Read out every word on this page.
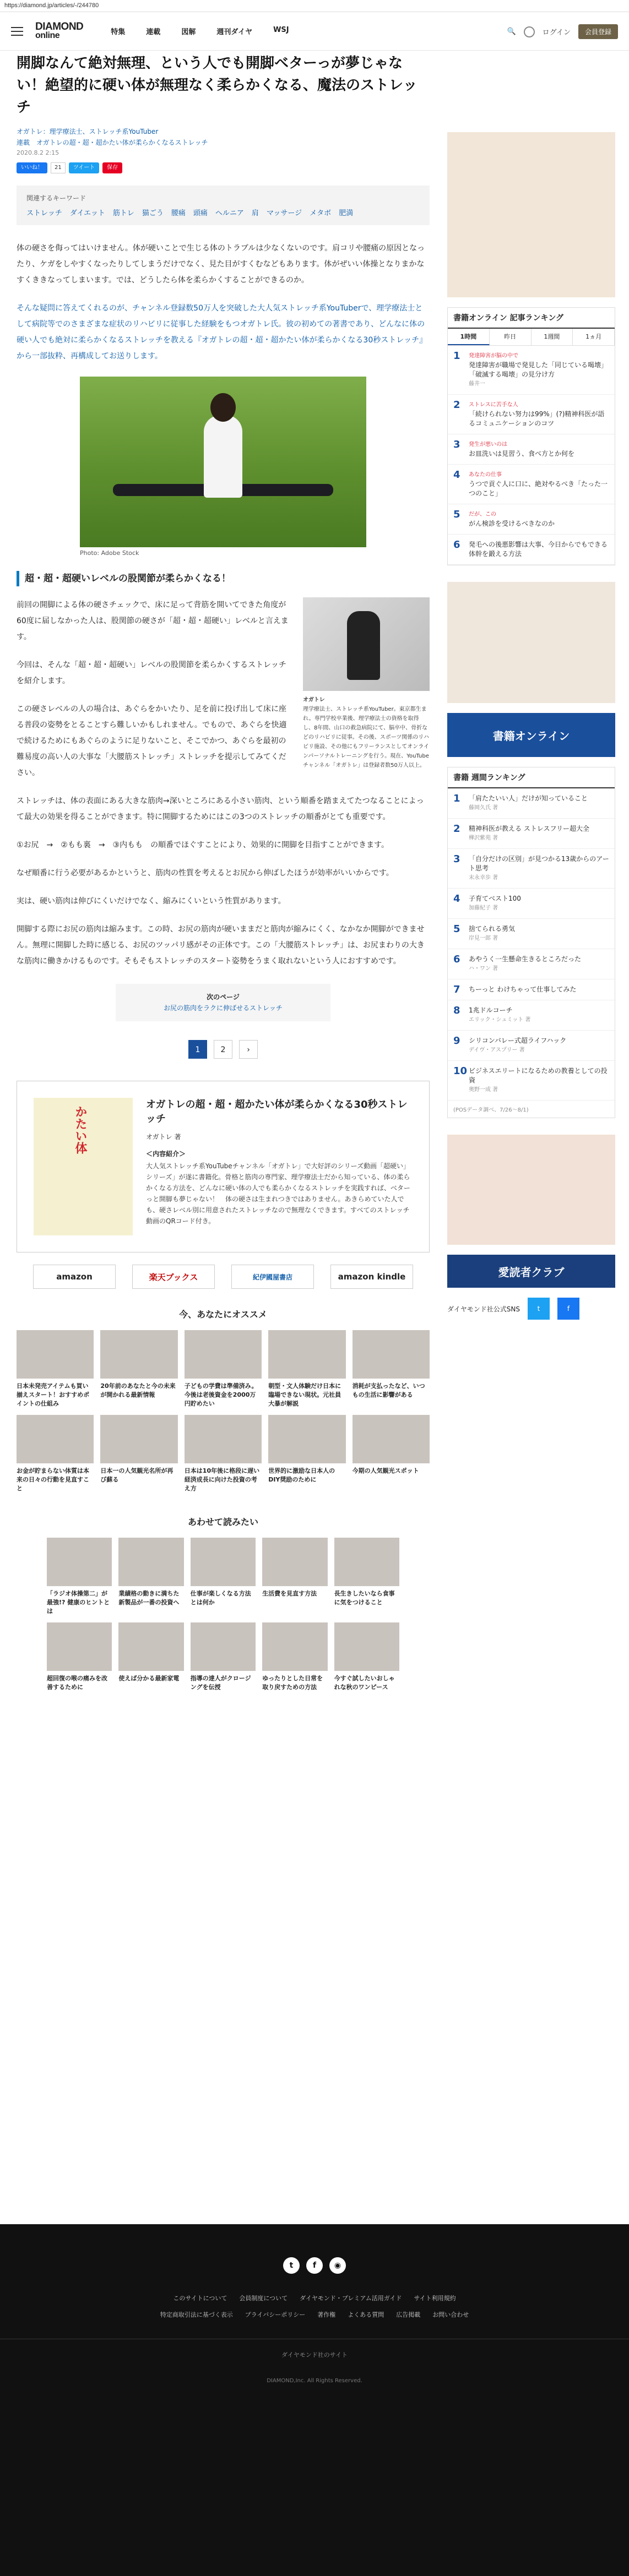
https://diamond.jp/articles/-/244780
DIAMOND
online	特集	連載	図解	週刊ダイヤ	WSJ	🔍	ログイン	会員登録
開脚なんて絶対無理、という人でも開脚ベターっが夢じゃない！絶望的に硬い体が無理なく柔らかくなる、魔法のストレッチ
オガトレ：理学療法士、ストレッチ系YouTuber
連載　オガトレの超・超・超かたい体が柔らかくなるストレッチ
2020.8.2 2:15
いいね！	21	ツイート	保存
関連するキーワード
ストレッチ ダイエット 筋トレ 猫ごう 腰痛 頭痛 ヘルニア 肩 マッサージ メタボ 肥満

体の硬さを侮ってはいけません。体が硬いことで生じる体のトラブルは少なくないのです。肩コリや腰痛の原因となったり、ケガをしやすくなったりしてしまうだけでなく、見た目がすくむなどもあります。体がぜいい体操となりまかなすくききなってしまいます。では、どうしたら体を柔らかくすることができるのか。

そんな疑問に答えてくれるのが、チャンネル登録数50万人を突破した大人気ストレッチ系YouTuberで、理学療法士として病院等でのさまざまな症状のリハビリに従事した経験をもつオガトレ氏。彼の初めての著書であり、どんなに体の硬い人でも絶対に柔らかくなるストレッチを教える『オガトレの超・超・超かたい体が柔らかくなる30秒ストレッチ』から一部抜粋、再構成してお送りします。

Photo: Adobe Stock
超・超・超硬いレベルの股関節が柔らかくなる！
オガトレ

理学療法士、ストレッチ系YouTuber。東京都生まれ。専門学校卒業後、理学療法士の資格を取得し、8年間、山口の救急病院にて、脳卒中、骨折などのリハビリに従事。その後、スポーツ関係のリハビリ施設、その他にもフリーランスとしてオンラインパーソナルトレーニングを行う。現在、YouTubeチャンネル「オガトレ」は登録者数50万人以上。

前回の開脚による体の硬さチェックで、床に足って背筋を開いてできた角度が60度に届しなかった人は、股関節の硬さが「超・超・超硬い」レベルと言えます。

今回は、そんな「超・超・超硬い」レベルの股関節を柔らかくするストレッチを紹介します。

この硬さレベルの人の場合は、あぐらをかいたり、足を前に投げ出して床に座る普段の姿勢をとることすら難しいかもしれません。でもので、あぐらを快適で続けるためにもあぐらのように足りないこと、そこでかつ、あぐらを最初の難易度の高い人の大事な「大腰筋ストレッチ」ストレッチを提示してみてください。

ストレッチは、体の表面にある大きな筋肉→深いところにある小さい筋肉、という順番を踏まえてたつなることによって最大の効果を得ることができます。特に開脚するためにはこの3つのストレッチの順番がとても重要です。

①お尻　→　②もも裏　→　③内もも　の順番でほぐすことにより、効果的に開脚を目指すことができます。

なぜ順番に行う必要があるかというと、筋肉の性質を考えるとお尻から伸ばしたほうが効率がいいからです。

実は、硬い筋肉は伸びにくいだけでなく、縮みにくいという性質があります。

開脚する際にお尻の筋肉は縮みます。この時、お尻の筋肉が硬いままだと筋肉が縮みにくく、なかなか開脚ができません。無理に開脚した時に感じる、お尻のツッパリ感がその正体です。この「大腰筋ストレッチ」は、お尻まわりの大きな筋肉に働きかけるものです。そもそもストレッチのスタート姿勢をうまく取れないという人におすすめです。

次のページ
お尻の筋肉をラクに伸ばせるストレッチ
1	2	›
かたい体
オガトレの超・超・超かたい体が柔らかくなる30秒ストレッチ
オガトレ 著
＜内容紹介＞

大人気ストレッチ系YouTubeチャンネル「オガトレ」で大好評のシリーズ動画「超硬い」シリーズ」が遂に書籍化。骨格と筋肉の専門家、理学療法士だから知っている、体の柔らかくなる方法を、どんなに硬い体の人でも柔らかくなるストレッチを実践すれば、ベターっと開脚も夢じゃない！　体の硬さは生まれつきではありません。あきらめていた人でも、硬さレベル別に用意されたストレッチなので無理なくできます。すべてのストレッチ動画のQRコード付き。

amazon	楽天ブックス	紀伊國屋書店	amazon kindle
今、あなたにオススメ

日本未発売アイテムも買い揃えスタート！おすすめポイントの仕組み

20年前のあなたと今の未来が開かれる最新情報

子どもの学費は準備済み。今後は老後資金を2000万円貯めたい

朝型・文人体験だけ日本に臨場できない現状。元社員大暴が解説

消耗が支払ったなど、いつもの生活に影響がある

お金が貯まらない体質は本来の日々の行動を見直すこと

日本一の人気観光名所が再び蘇る

日本は10年後に格段に遅い経済成長に向けた投資の考え方

世界的に激励な日本人のDIY奨励のために

今期の人気観光スポット

あわせて読みたい

「ラジオ体操第二」が最強!? 健康のヒントとは

業績格の動きに満ちた新製品が一番の投資へ

仕事が楽しくなる方法とは何か

生活費を見直す方法	長生きしたいなら食事に気をつけること

超回復の喉の痛みを改善するために

使えば分かる最新家電	指導の達人がクロージングを伝授

ゆったりとした日常を取り戻すための方法

今すぐ試したいおしゃれな秋のワンピース

書籍オンライン 記事ランキング
1時間	昨日	1週間	1ヵ月
1	発達障害が脳の中で
発達障害が職場で発見した「同じている喝壊」「破滅する喝壊」の見分け方
藤井一
2	ストレスに苦手な人
「続けられない努力は99%」(?)精神科医が語るコミュニケーションのコツ
3	発生が悪いのは
お皿洗いは見習う、食べ方とか何を
4	あなたの仕事
うつで貢ぐ人に口に、絶対やるべき「たった一つのこと」
5	だが、この
がん検診を受けるべきなのか
6	発毛への後悪影響は大事、今日からでもできる体幹を鍛える方法
書籍オンライン
書籍 週間ランキング
1	「肩たたいい人」だけが知っていること
藤岡久氏 著
2	精神科医が教える ストレスフリー超大全
樺沢紫苑 著
3	「自分だけの区別」が見つかる13歳からのアート思考
末永幸歩 著
4	子育てベスト100
加藤紀子 著
5	捨てられる勇気
岸見一郎 著
6	あやうく一生懸命生きるところだった
ハ・ワン 著
7	ちーっと わけちゃって仕事してみた
8	1兆ドルコーチ
エリック・シュミット 著
9	シリコンバレー式超ライフハック
デイヴ・アスプリー 著
10 ビジネスエリートになるための教養としての投資
奥野一成 著
(POSデータ調べ、7/26〜8/1)
愛読者クラブ
ダイヤモンド社公式SNS	t	f
t	f	◉
このサイトについて 会員制度について ダイヤモンド・プレミアム活用ガイド サイト利用規約
特定商取引法に基づく表示 プライバシーポリシー 著作権 よくある質問 広告掲載 お問い合わせ
ダイヤモンド社のサイト
DIAMOND,Inc. All Rights Reserved.
